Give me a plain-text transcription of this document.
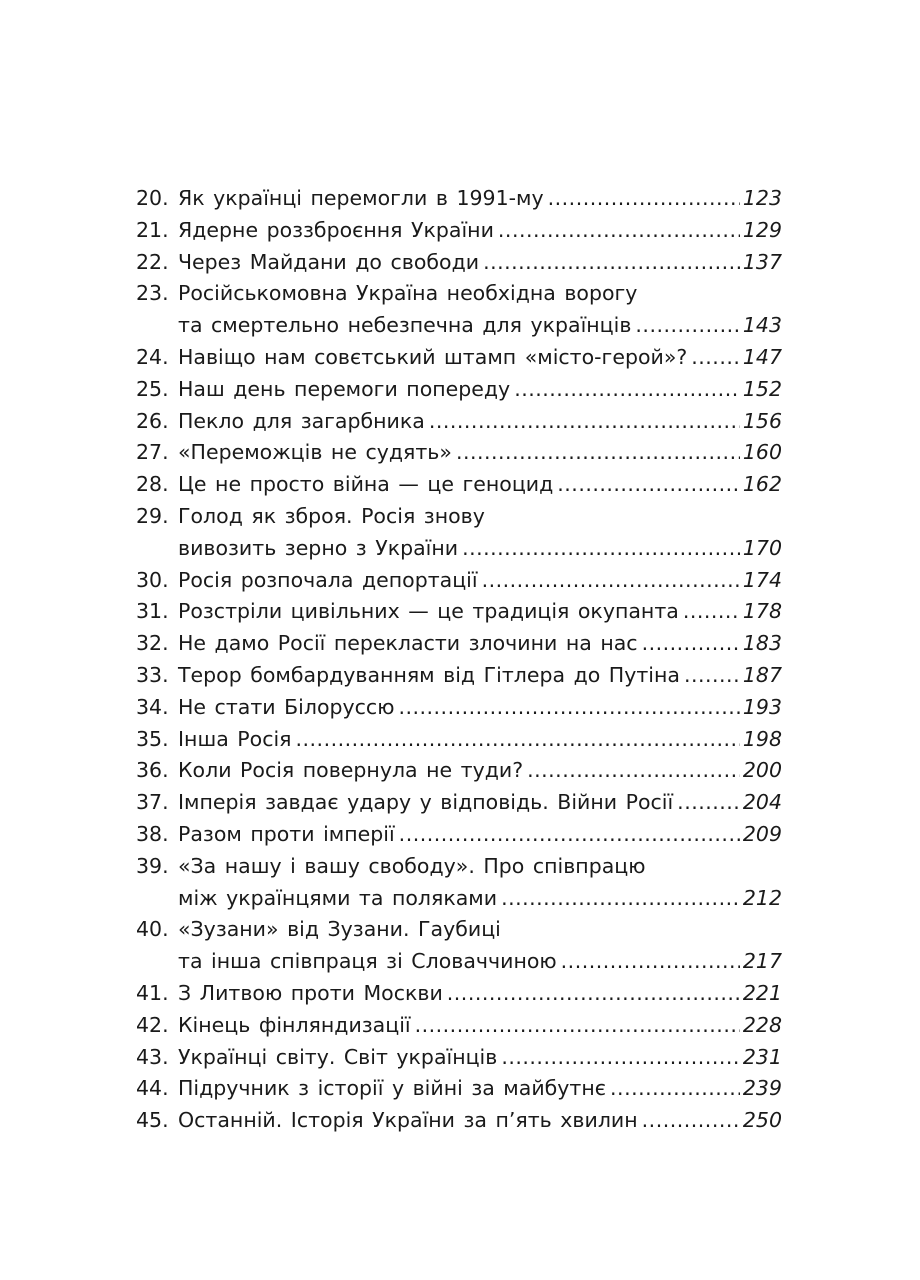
20. Як українці перемогли в 1991-му .....	123
21. Ядерне роззброєння України .....	129
22. Через Майдани до свободи .....	137
23. Російськомовна Україна необхідна ворогу
та смертельно небезпечна для українців .....	143
24. Навіщо нам совєтський штамп «місто-герой»? .....	147
25. Наш день перемоги попереду .....	152
26. Пекло для загарбника .....	156
27. «Переможців не судять» .....	160
28. Це не просто війна — це геноцид .....	162
29. Голод як зброя. Росія знову
вивозить зерно з України .....	170
30. Росія розпочала депортації .....	174
31. Розстріли цивільних — це традиція окупанта .....	178
32. Не дамо Росії перекласти злочини на нас .....	183
33. Терор бомбардуванням від Гітлера до Путіна .....	187
34. Не стати Білоруссю .....	193
35. Інша Росія .....	198
36. Коли Росія повернула не туди? .....	200
37. Імперія завдає удару у відповідь. Війни Росії .....	204
38. Разом проти імперії .....	209
39. «За нашу і вашу свободу». Про співпрацю
між українцями та поляками .....	212
40. «Зузани» від Зузани. Гаубиці
та інша співпраця зі Словаччиною .....	217
41. З Литвою проти Москви .....	221
42. Кінець фінляндизації .....	228
43. Українці світу. Світ українців .....	231
44. Підручник з історії у війні за майбутнє .....	239
45. Останній. Історія України за п’ять хвилин .....	250
